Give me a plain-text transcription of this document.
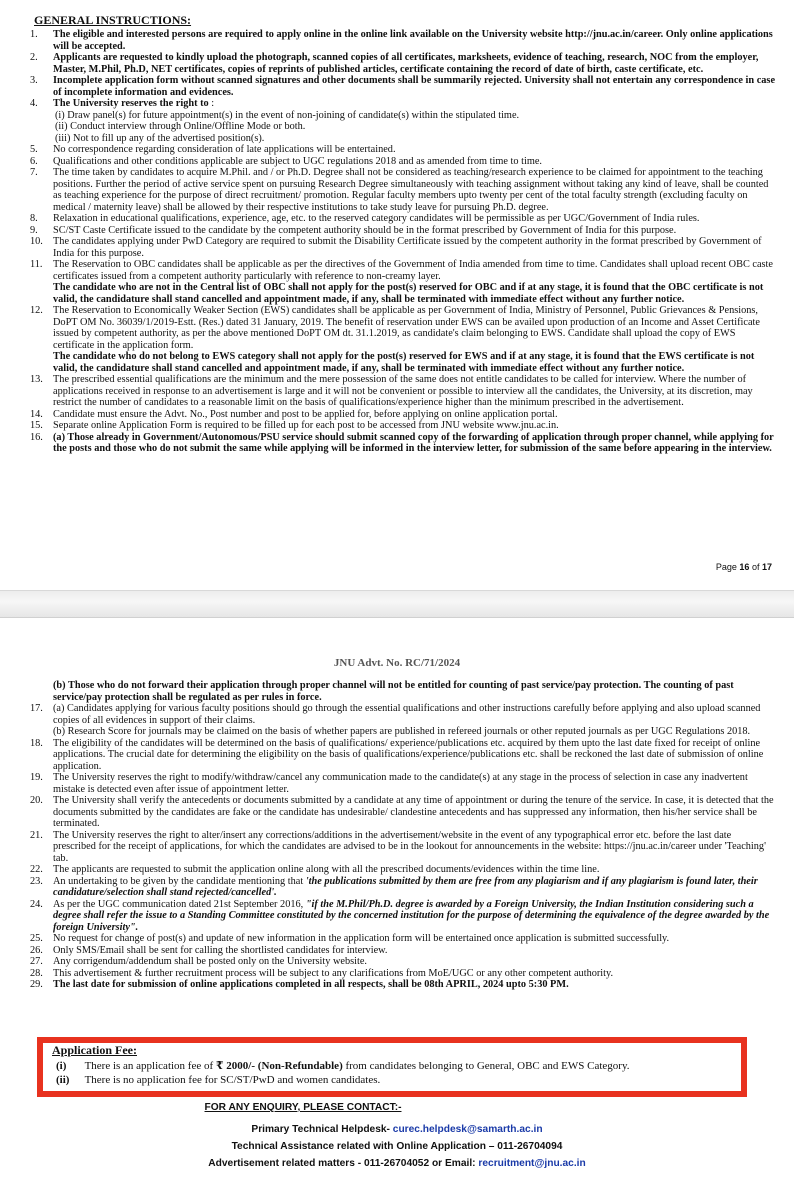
GENERAL INSTRUCTIONS:
1. The eligible and interested persons are required to apply online in the online link available on the University website http://jnu.ac.in/career. Only online applications will be accepted.
2. Applicants are requested to kindly upload the photograph, scanned copies of all certificates, marksheets, evidence of teaching, research, NOC from the employer, Master, M.Phil, Ph.D, NET certificates, copies of reprints of published articles, certificate containing the record of date of birth, caste certificate, etc.
3. Incomplete application form without scanned signatures and other documents shall be summarily rejected. University shall not entertain any correspondence in case of incomplete information and evidences.
4. The University reserves the right to :
(i) Draw panel(s) for future appointment(s) in the event of non-joining of candidate(s) within the stipulated time.
(ii) Conduct interview through Online/Offline Mode or both.
(iii) Not to fill up any of the advertised position(s).
5. No correspondence regarding consideration of late applications will be entertained.
6. Qualifications and other conditions applicable are subject to UGC regulations 2018 and as amended from time to time.
7. The time taken by candidates to acquire M.Phil. and / or Ph.D. Degree shall not be considered as teaching/research experience to be claimed for appointment to the teaching positions. Further the period of active service spent on pursuing Research Degree simultaneously with teaching assignment without taking any kind of leave, shall be counted as teaching experience for the purpose of direct recruitment/ promotion. Regular faculty members upto twenty per cent of the total faculty strength (excluding faculty on medical / maternity leave) shall be allowed by their respective institutions to take study leave for pursuing Ph.D. degree.
8. Relaxation in educational qualifications, experience, age, etc. to the reserved category candidates will be permissible as per UGC/Government of India rules.
9. SC/ST Caste Certificate issued to the candidate by the competent authority should be in the format prescribed by Government of India for this purpose.
10. The candidates applying under PwD Category are required to submit the Disability Certificate issued by the competent authority in the format prescribed by Government of India for this purpose.
11. The Reservation to OBC candidates shall be applicable as per the directives of the Government of India amended from time to time. Candidates shall upload recent OBC caste certificates issued from a competent authority particularly with reference to non-creamy layer.
The candidate who are not in the Central list of OBC shall not apply for the post(s) reserved for OBC and if at any stage, it is found that the OBC certificate is not valid, the candidature shall stand cancelled and appointment made, if any, shall be terminated with immediate effect without any further notice.
12. The Reservation to Economically Weaker Section (EWS) candidates shall be applicable as per Government of India, Ministry of Personnel, Public Grievances & Pensions, DoPT OM No. 36039/1/2019-Estt. (Res.) dated 31 January, 2019. The benefit of reservation under EWS can be availed upon production of an Income and Asset Certificate issued by competent authority, as per the above mentioned DoPT OM dt. 31.1.2019, as candidate's claim belonging to EWS. Candidate shall upload the copy of EWS certificate in the application form.
The candidate who do not belong to EWS category shall not apply for the post(s) reserved for EWS and if at any stage, it is found that the EWS certificate is not valid, the candidature shall stand cancelled and appointment made, if any, shall be terminated with immediate effect without any further notice.
13. The prescribed essential qualifications are the minimum and the mere possession of the same does not entitle candidates to be called for interview. Where the number of applications received in response to an advertisement is large and it will not be convenient or possible to interview all the candidates, the University, at its discretion, may restrict the number of candidates to a reasonable limit on the basis of qualifications/experience higher than the minimum prescribed in the advertisement.
14. Candidate must ensure the Advt. No., Post number and post to be applied for, before applying on online application portal.
15. Separate online Application Form is required to be filled up for each post to be accessed from JNU website www.jnu.ac.in.
16. (a) Those already in Government/Autonomous/PSU service should submit scanned copy of the forwarding of application through proper channel, while applying for the posts and those who do not submit the same while applying will be informed in the interview letter, for submission of the same before appearing in the interview.
Page 16 of 17
JNU Advt. No. RC/71/2024
(b) Those who do not forward their application through proper channel will not be entitled for counting of past service/pay protection. The counting of past service/pay protection shall be regulated as per rules in force.
17. (a) Candidates applying for various faculty positions should go through the essential qualifications and other instructions carefully before applying and also upload scanned copies of all evidences in support of their claims.
(b) Research Score for journals may be claimed on the basis of whether papers are published in refereed journals or other reputed journals as per UGC Regulations 2018.
18. The eligibility of the candidates will be determined on the basis of qualifications/ experience/publications etc. acquired by them upto the last date fixed for receipt of online applications. The crucial date for determining the eligibility on the basis of qualifications/experience/publications etc. shall be reckoned the last date of submission of online application.
19. The University reserves the right to modify/withdraw/cancel any communication made to the candidate(s) at any stage in the process of selection in case any inadvertent mistake is detected even after issue of appointment letter.
20. The University shall verify the antecedents or documents submitted by a candidate at any time of appointment or during the tenure of the service. In case, it is detected that the documents submitted by the candidates are fake or the candidate has undesirable/ clandestine antecedents and has suppressed any information, then his/her service shall be terminated.
21. The University reserves the right to alter/insert any corrections/additions in the advertisement/website in the event of any typographical error etc. before the last date prescribed for the receipt of applications, for which the candidates are advised to be in the lookout for announcements in the website: https://jnu.ac.in/career under 'Teaching' tab.
22. The applicants are requested to submit the application online along with all the prescribed documents/evidences within the time line.
23. An undertaking to be given by the candidate mentioning that 'the publications submitted by them are free from any plagiarism and if any plagiarism is found later, their candidature/selection shall stand rejected/cancelled'.
24. As per the UGC communication dated 21st September 2016, "if the M.Phil/Ph.D. degree is awarded by a Foreign University, the Indian Institution considering such a degree shall refer the issue to a Standing Committee constituted by the concerned institution for the purpose of determining the equivalence of the degree awarded by the foreign University".
25. No request for change of post(s) and update of new information in the application form will be entertained once application is submitted successfully.
26. Only SMS/Email shall be sent for calling the shortlisted candidates for interview.
27. Any corrigendum/addendum shall be posted only on the University website.
28. This advertisement & further recruitment process will be subject to any clarifications from MoE/UGC or any other competent authority.
29. The last date for submission of online applications completed in all respects, shall be 08th APRIL, 2024 upto 5:30 PM.
Application Fee:
(i) There is an application fee of ₹ 2000/- (Non-Refundable) from candidates belonging to General, OBC and EWS Category.
(ii) There is no application fee for SC/ST/PwD and women candidates.
FOR ANY ENQUIRY, PLEASE CONTACT:-
Primary Technical Helpdesk- curec.helpdesk@samarth.ac.in
Technical Assistance related with Online Application – 011-26704094
Advertisement related matters - 011-26704052 or Email: recruitment@jnu.ac.in
